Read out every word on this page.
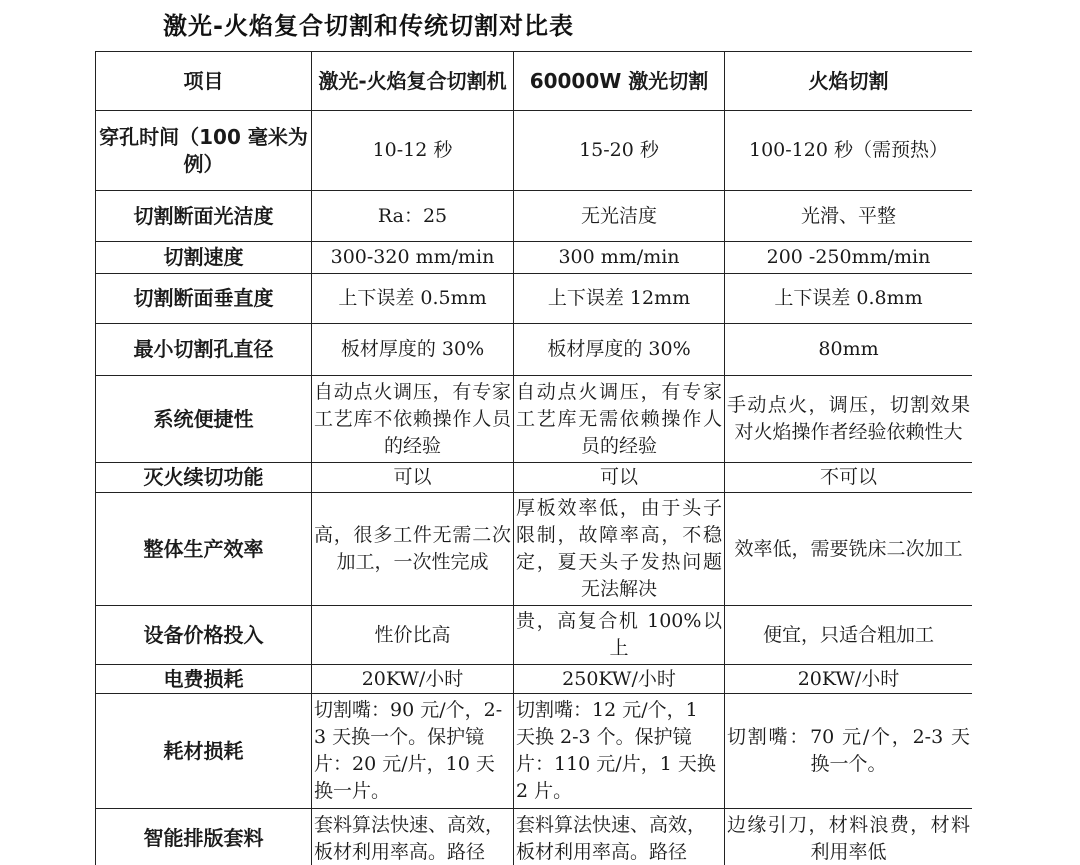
激光-火焰复合切割和传统切割对比表
项目	激光-火焰复合切割机	60000W 激光切割	火焰切割
穿孔时间（100 毫米为例）	10-12 秒	15-20 秒	100-120 秒（需预热）
切割断面光洁度	Ra：25	无光洁度	光滑、平整
切割速度	300-320 mm/min	300 mm/min	200 -250mm/min
切割断面垂直度	上下误差 0.5mm	上下误差 12mm	上下误差 0.8mm
最小切割孔直径	板材厚度的 30%	板材厚度的 30%	80mm
系统便捷性	自动点火调压，有专家工艺库不依赖操作人员的经验	自动点火调压，有专家工艺库无需依赖操作人员的经验	手动点火，调压，切割效果对火焰操作者经验依赖性大
灭火续切功能	可以	可以	不可以
整体生产效率	高，很多工件无需二次加工，一次性完成	厚板效率低，由于头子限制，故障率高，不稳定，夏天头子发热问题无法解决	效率低，需要铣床二次加工
设备价格投入	性价比高	贵，高复合机 100%以上	便宜，只适合粗加工
电费损耗	20KW/小时	250KW/小时	20KW/小时
耗材损耗	切割嘴：90 元/个，2-3 天换一个。保护镜片：20 元/片，10 天换一片。	切割嘴：12 元/个，1 天换 2-3 个。保护镜片：110 元/片，1 天换 2 片。	切割嘴：70 元/个，2-3 天换一个。
智能排版套料	套料算法快速、高效，板材利用率高。路径	套料算法快速、高效，板材利用率高。路径	边缘引刀，材料浪费，材料利用率低
